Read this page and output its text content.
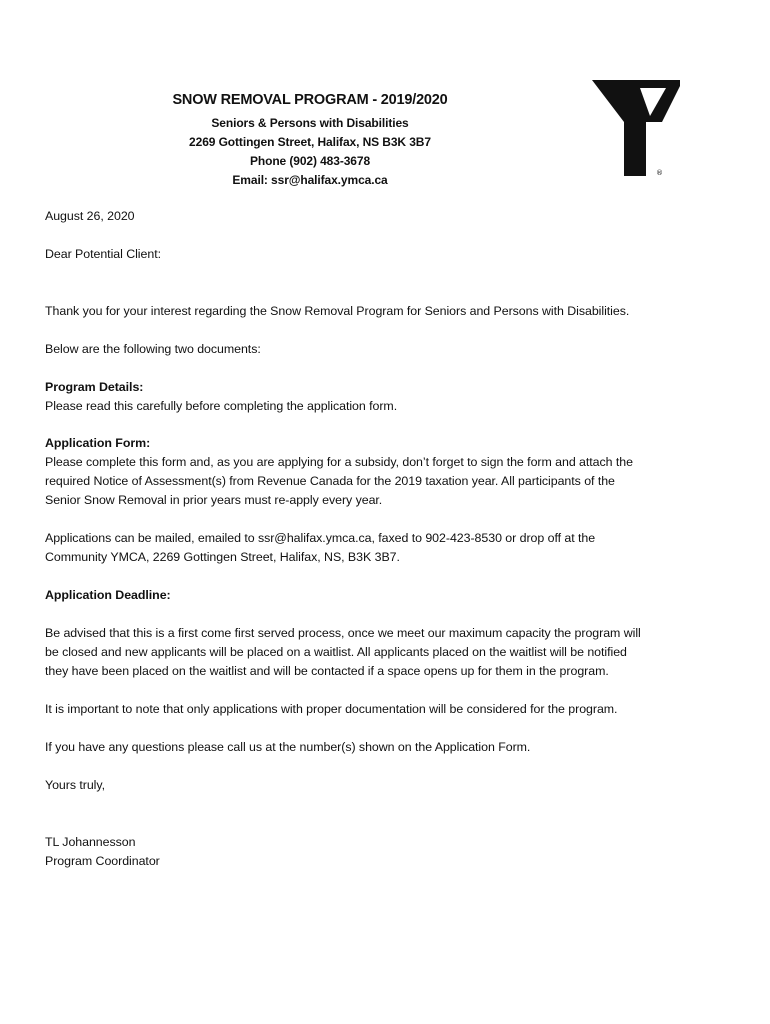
SNOW REMOVAL PROGRAM - 2019/2020
Seniors & Persons with Disabilities
2269 Gottingen Street, Halifax, NS B3K 3B7
Phone (902) 483-3678
Email: ssr@halifax.ymca.ca	®

August 26, 2020

Dear Potential Client:

Thank you for your interest regarding the Snow Removal Program for Seniors and Persons with Disabilities.

Below are the following two documents:

Program Details:

Please read this carefully before completing the application form.

Application Form:

Please complete this form and, as you are applying for a subsidy, don’t forget to sign the form and attach the

required Notice of Assessment(s) from Revenue Canada for the 2019 taxation year. All participants of the

Senior Snow Removal in prior years must re-apply every year.

Applications can be mailed, emailed to ssr@halifax.ymca.ca, faxed to 902-423-8530 or drop off at the

Community YMCA, 2269 Gottingen Street, Halifax, NS, B3K 3B7.

Application Deadline:

Be advised that this is a first come first served process, once we meet our maximum capacity the program will

be closed and new applicants will be placed on a waitlist. All applicants placed on the waitlist will be notified

they have been placed on the waitlist and will be contacted if a space opens up for them in the program.

It is important to note that only applications with proper documentation will be considered for the program.

If you have any questions please call us at the number(s) shown on the Application Form.

Yours truly,

TL Johannesson

Program Coordinator
